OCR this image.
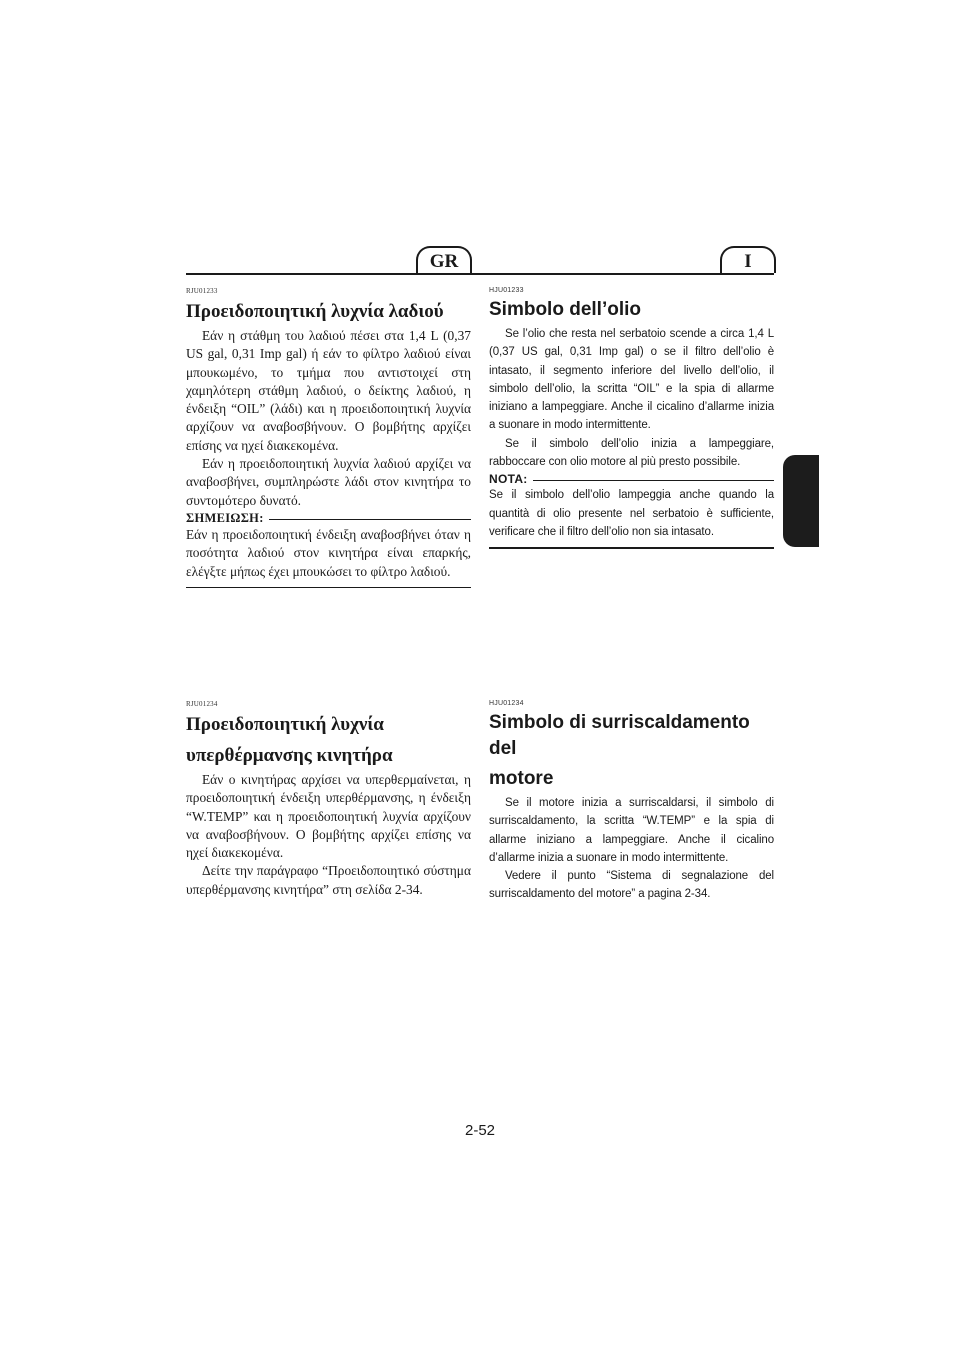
GR	I
RJU01233
Προειδοποιητική λυχνία λαδιού

Εάν η στάθμη του λαδιού πέσει στα 1,4 L (0,37 US gal, 0,31 Imp gal) ή εάν το φίλτρο λαδιού είναι μπουκωμένο, το τμήμα που αντιστοιχεί στη χαμηλότερη στάθμη λαδιού, ο δείκτης λαδιού, η ένδειξη “OIL” (λάδι) και η προειδοποιητική λυχνία αρχίζουν να αναβοσβήνουν. Ο βομβήτης αρχίζει επίσης να ηχεί διακεκομένα.

Εάν η προειδοποιητική λυχνία λαδιού αρχίζει να αναβοσβήνει, συμπληρώστε λάδι στον κινητήρα το συντομότερο δυνατό.

ΣΗΜΕΙΩΣΗ:

Εάν η προειδοποιητική ένδειξη αναβοσβήνει όταν η ποσότητα λαδιού στον κινητήρα είναι επαρκής, ελέγξτε μήπως έχει μπουκώσει το φίλτρο λαδιού.

HJU01233
Simbolo dell’olio

Se l’olio che resta nel serbatoio scende a circa 1,4 L (0,37 US gal, 0,31 Imp gal) o se il filtro dell’olio è intasato, il segmento inferiore del livello dell’olio, il simbolo dell’olio, la scritta “OIL” e la spia di allarme iniziano a lampeggiare. Anche il cicalino d’allarme inizia a suonare in modo intermittente.

Se il simbolo dell’olio inizia a lampeggiare, rabboccare con olio motore al più presto possibile.

NOTA:

Se il simbolo dell’olio lampeggia anche quando la quantità di olio presente nel serbatoio è sufficiente, verificare che il filtro dell’olio non sia intasato.

RJU01234
Προειδοποιητική λυχνία
υπερθέρμανσης κινητήρα

Εάν ο κινητήρας αρχίσει να υπερθερμαίνεται, η προειδοποιητική ένδειξη υπερθέρμανσης, η ένδειξη “W.TEMP” και η προειδοποιητική λυχνία αρχίζουν να αναβοσβήνουν. Ο βομβήτης αρχίζει επίσης να ηχεί διακεκομένα.

Δείτε την παράγραφο “Προειδοποιητικό σύστημα υπερθέρμανσης κινητήρα” στη σελίδα 2-34.

HJU01234
Simbolo di surriscaldamento del
motore

Se il motore inizia a surriscaldarsi, il simbolo di surriscaldamento, la scritta “W.TEMP” e la spia di allarme iniziano a lampeggiare. Anche il cicalino d’allarme inizia a suonare in modo intermittente.

Vedere il punto “Sistema di segnalazione del surriscaldamento del motore” a pagina 2-34.

2-52
